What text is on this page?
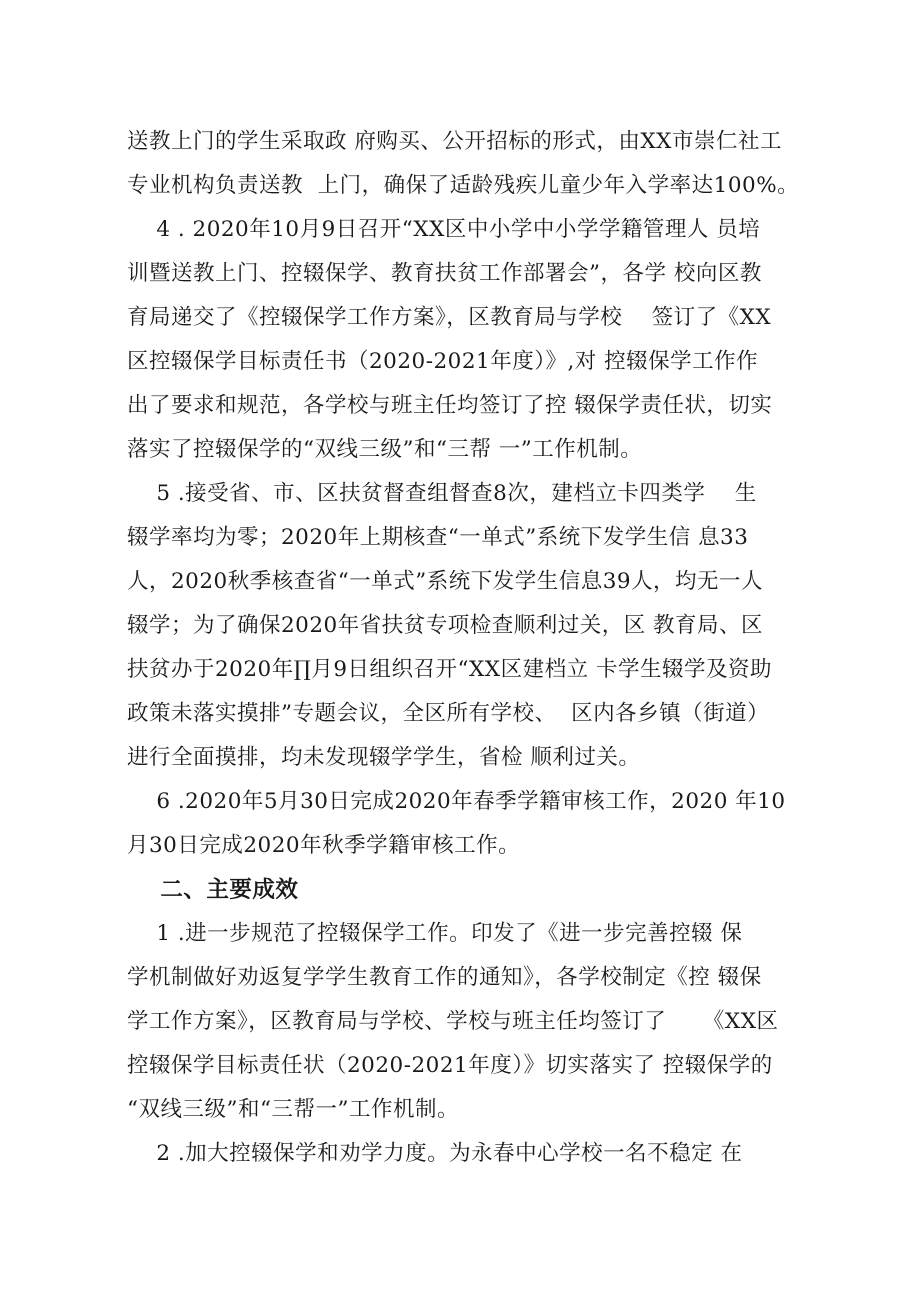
送教上门的学生采取政 府购买、公开招标的形式，由XX市崇仁社工
专业机构负责送教  上门，确保了适龄残疾儿童少年入学率达100%。
4 . 2020年10月9日召开“XX区中小学中小学学籍管理人 员培
训暨送教上门、控辍保学、教育扶贫工作部署会”，各学 校向区教
育局递交了《控辍保学工作方案》，区教育局与学校    签订了《XX
区控辍保学目标责任书（2020-2021年度）》,对 控辍保学工作作
出了要求和规范，各学校与班主任均签订了控 辍保学责任状，切实
落实了控辍保学的“双线三级”和“三帮 一”工作机制。
5 .接受省、市、区扶贫督查组督查8次，建档立卡四类学    生
辍学率均为零；2020年上期核查“一单式”系统下发学生信 息33
人，2020秋季核查省“一单式”系统下发学生信息39人，均无一人
辍学；为了确保2020年省扶贫专项检查顺利过关，区 教育局、区
扶贫办于2020年∏月9日组织召开“XX区建档立 卡学生辍学及资助
政策未落实摸排”专题会议，全区所有学校、  区内各乡镇（街道）
进行全面摸排，均未发现辍学学生，省检 顺利过关。
6 .2020年5月30日完成2020年春季学籍审核工作，2020 年10
月30日完成2020年秋季学籍审核工作。
二、主要成效
1 .进一步规范了控辍保学工作。印发了《进一步完善控辍 保
学机制做好劝返复学学生教育工作的通知》，各学校制定《控 辍保
学工作方案》，区教育局与学校、学校与班主任均签订了     《XX区
控辍保学目标责任状（2020-2021年度）》切实落实了 控辍保学的
“双线三级”和“三帮一”工作机制。
2 .加大控辍保学和劝学力度。为永春中心学校一名不稳定 在
